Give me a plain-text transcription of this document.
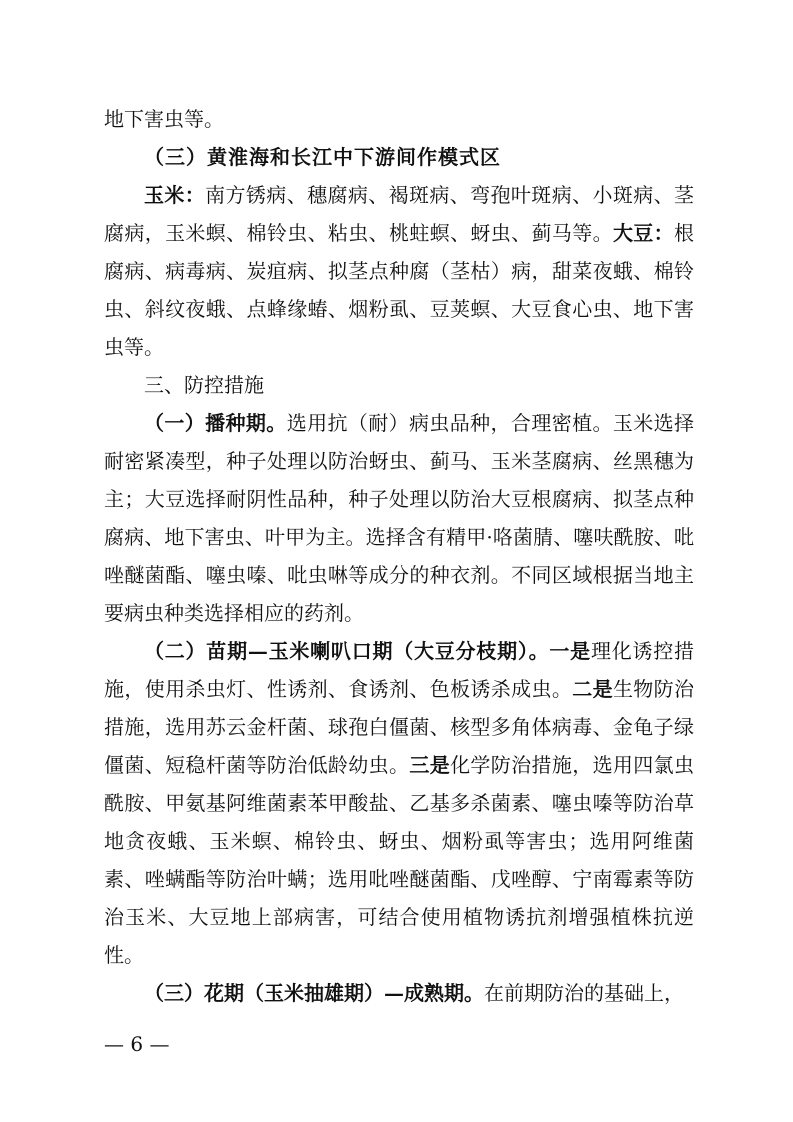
地下害虫等。

（三）黄淮海和长江中下游间作模式区

玉米：南方锈病、穗腐病、褐斑病、弯孢叶斑病、小斑病、茎腐病，玉米螟、棉铃虫、粘虫、桃蛀螟、蚜虫、蓟马等。大豆：根腐病、病毒病、炭疽病、拟茎点种腐（茎枯）病，甜菜夜蛾、棉铃虫、斜纹夜蛾、点蜂缘蝽、烟粉虱、豆荚螟、大豆食心虫、地下害虫等。

三、防控措施

（一）播种期。选用抗（耐）病虫品种，合理密植。玉米选择耐密紧凑型，种子处理以防治蚜虫、蓟马、玉米茎腐病、丝黑穗为主；大豆选择耐阴性品种，种子处理以防治大豆根腐病、拟茎点种腐病、地下害虫、叶甲为主。选择含有精甲·咯菌腈、噻呋酰胺、吡唑醚菌酯、噻虫嗪、吡虫啉等成分的种衣剂。不同区域根据当地主要病虫种类选择相应的药剂。

（二）苗期—玉米喇叭口期（大豆分枝期）。一是理化诱控措施，使用杀虫灯、性诱剂、食诱剂、色板诱杀成虫。二是生物防治措施，选用苏云金杆菌、球孢白僵菌、核型多角体病毒、金龟子绿僵菌、短稳杆菌等防治低龄幼虫。三是化学防治措施，选用四氯虫酰胺、甲氨基阿维菌素苯甲酸盐、乙基多杀菌素、噻虫嗪等防治草地贪夜蛾、玉米螟、棉铃虫、蚜虫、烟粉虱等害虫；选用阿维菌素、唑螨酯等防治叶螨；选用吡唑醚菌酯、戊唑醇、宁南霉素等防治玉米、大豆地上部病害，可结合使用植物诱抗剂增强植株抗逆性。

（三）花期（玉米抽雄期）—成熟期。在前期防治的基础上，

— 6 —
